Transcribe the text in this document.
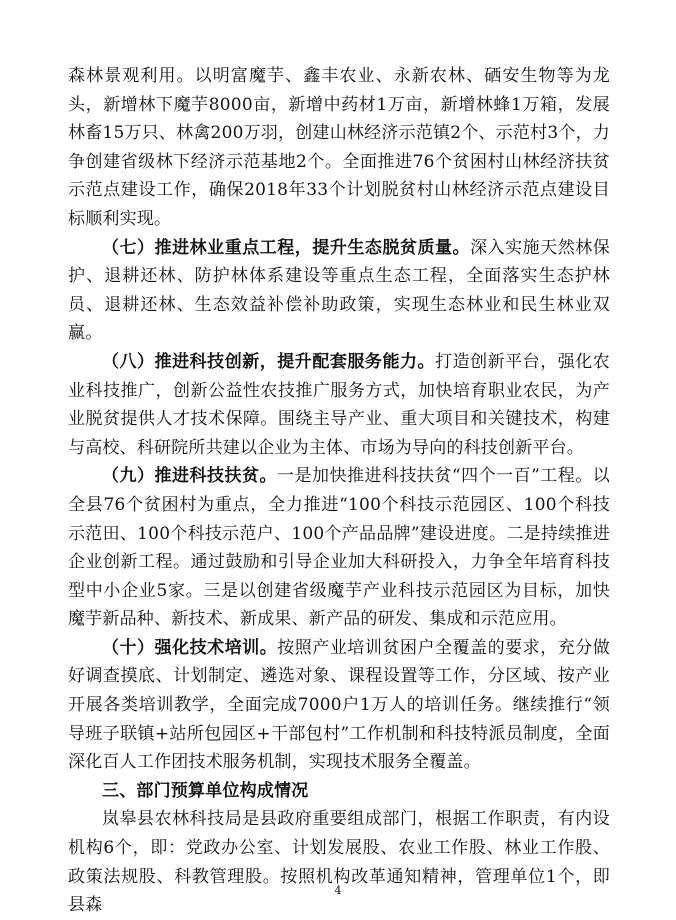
森林景观利用。以明富魔芋、鑫丰农业、永新农林、硒安生物等为龙头，新增林下魔芋8000亩，新增中药材1万亩，新增林蜂1万箱，发展林畜15万只、林禽200万羽，创建山林经济示范镇2个、示范村3个，力争创建省级林下经济示范基地2个。全面推进76个贫困村山林经济扶贫示范点建设工作，确保2018年33个计划脱贫村山林经济示范点建设目标顺利实现。

（七）推进林业重点工程，提升生态脱贫质量。深入实施天然林保护、退耕还林、防护林体系建设等重点生态工程，全面落实生态护林员、退耕还林、生态效益补偿补助政策，实现生态林业和民生林业双赢。

（八）推进科技创新，提升配套服务能力。打造创新平台，强化农业科技推广，创新公益性农技推广服务方式，加快培育职业农民，为产业脱贫提供人才技术保障。围绕主导产业、重大项目和关键技术，构建与高校、科研院所共建以企业为主体、市场为导向的科技创新平台。

（九）推进科技扶贫。一是加快推进科技扶贫“四个一百”工程。以全县76个贫困村为重点，全力推进“100个科技示范园区、100个科技示范田、100个科技示范户、100个产品品牌”建设进度。二是持续推进企业创新工程。通过鼓励和引导企业加大科研投入，力争全年培育科技型中小企业5家。三是以创建省级魔芋产业科技示范园区为目标，加快魔芋新品种、新技术、新成果、新产品的研发、集成和示范应用。

（十）强化技术培训。按照产业培训贫困户全覆盖的要求，充分做好调查摸底、计划制定、遴选对象、课程设置等工作，分区域、按产业开展各类培训教学，全面完成7000户1万人的培训任务。继续推行“领导班子联镇+站所包园区+干部包村”工作机制和科技特派员制度，全面深化百人工作团技术服务机制，实现技术服务全覆盖。

三、部门预算单位构成情况

岚皋县农林科技局是县政府重要组成部门，根据工作职责，有内设机构6个，即：党政办公室、计划发展股、农业工作股、林业工作股、政策法规股、科教管理股。按照机构改革通知精神，管理单位1个，即县森

4
